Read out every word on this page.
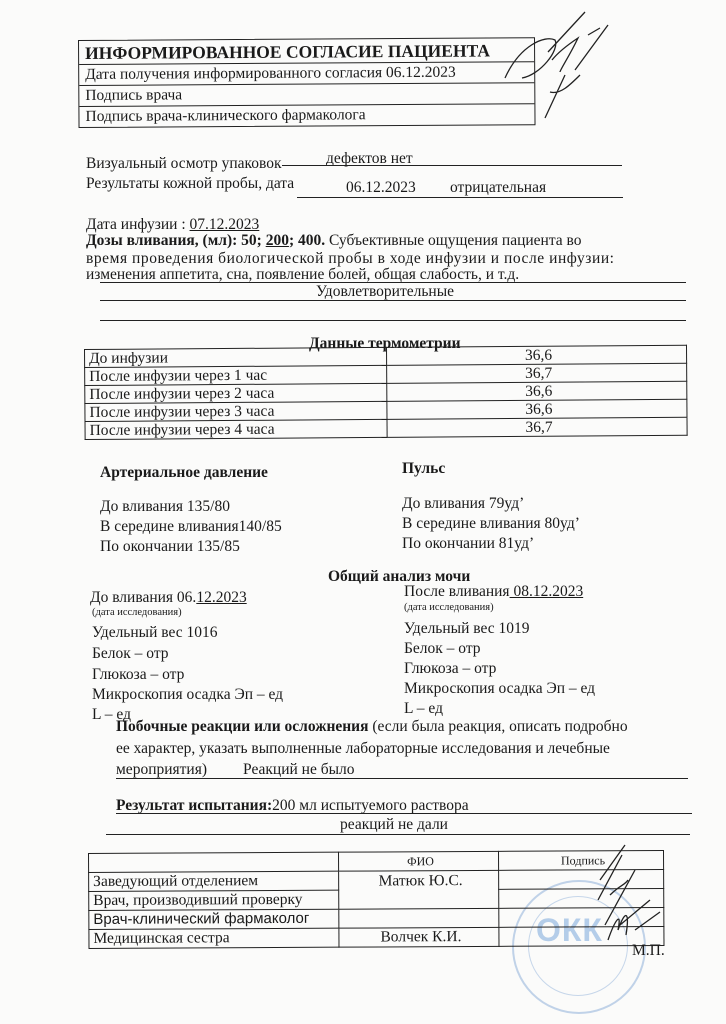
ИНФОРМИРОВАННОЕ СОГЛАСИЕ ПАЦИЕНТА
Дата получения информированного согласия 06.12.2023
Подпись врача
Подпись врача-клинического фармаколога
Визуальный осмотр упаковок	дефектов нет
Результаты кожной пробы, дата	06.12.2023 отрицательная
Дата инфузии : 07.12.2023
Дозы вливания, (мл): 50; 200; 400. Субъективные ощущения пациента во
время проведения биологической пробы в ходе инфузии и после инфузии:
изменения аппетита, сна, появление болей, общая слабость, и т.д.
Удовлетворительные
Данные термометрии
До инфузии	36,6
После инфузии через 1 час	36,7
После инфузии через 2 часа	36,6
После инфузии через 3 часа	36,6
После инфузии через 4 часа	36,7
Артериальное давление
До вливания 135/80
В середине вливания140/85
По окончании 135/85
Пульс
До вливания 79уд’
В середине вливания 80уд’
По окончании 81уд’
Общий анализ мочи
До вливания 06.12.2023
(дата исследования)
Удельный вес 1016
Белок – отр
Глюкоза – отр
Микроскопия осадка Эп – ед
L – ед
После вливания 08.12.2023
(дата исследования)
Удельный вес 1019
Белок – отр
Глюкоза – отр
Микроскопия осадка Эп – ед
L – ед
Побочные реакции или осложнения (если была реакция, описать подробно
ее характер, указать выполненные лабораторные исследования и лечебные
мероприятия) Реакций не было
Результат испытания:200 мл испытуемого раствора
реакций не дали
ОКК
	ФИО	Подпись
Заведующий отделением	Матюк Ю.С.	
Врач, производивший проверку		
Врач-клинический фармаколог		
Медицинская сестра	Волчек К.И.	
М.П.
